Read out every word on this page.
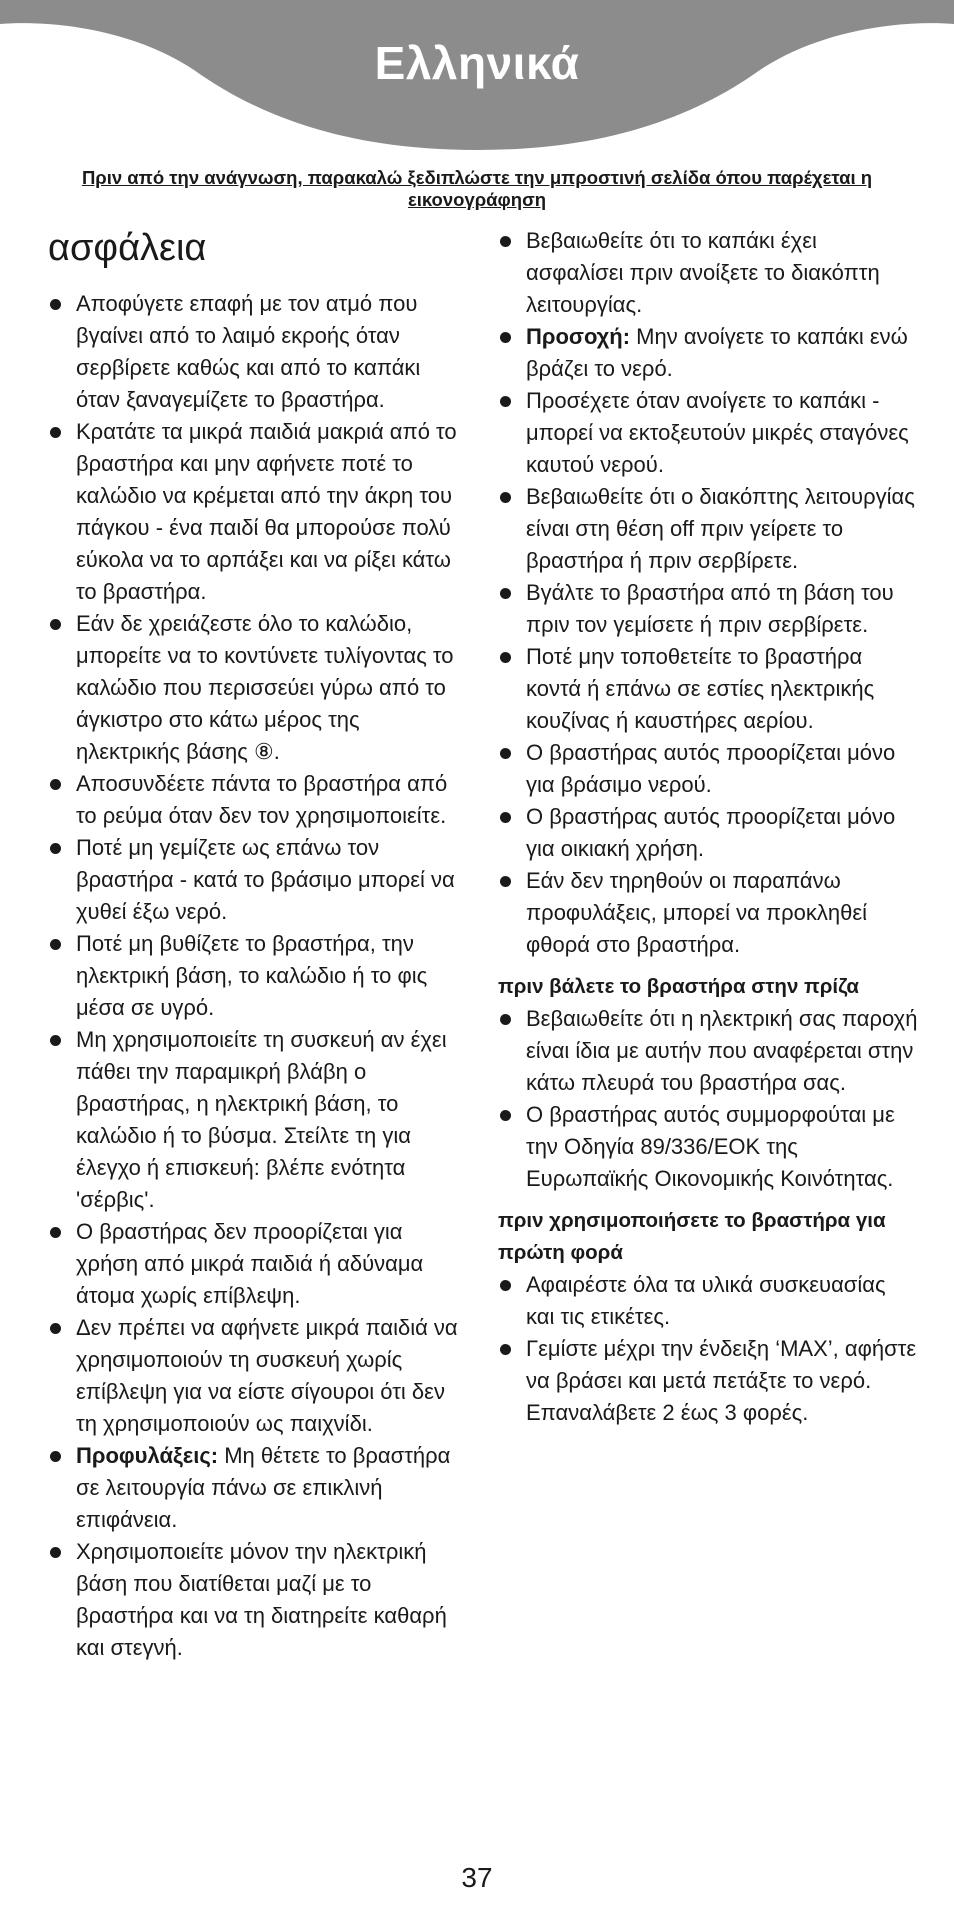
Ελληνικά
Πριν από την ανάγνωση, παρακαλώ ξεδιπλώστε την μπροστινή σελίδα όπου παρέχεται η εικονογράφηση
ασφάλεια
Αποφύγετε επαφή με τον ατμό που βγαίνει από το λαιμό εκροής όταν σερβίρετε καθώς και από το καπάκι όταν ξαναγεμίζετε το βραστήρα.
Κρατάτε τα μικρά παιδιά μακριά από το βραστήρα και μην αφήνετε ποτέ το καλώδιο να κρέμεται από την άκρη του πάγκου - ένα παιδί θα μπορούσε πολύ εύκολα να το αρπάξει και να ρίξει κάτω το βραστήρα.
Εάν δε χρειάζεστε όλο το καλώδιο, μπορείτε να το κοντύνετε τυλίγοντας το καλώδιο που περισσεύει γύρω από το άγκιστρο στο κάτω μέρος της ηλεκτρικής βάσης ⑧.
Αποσυνδέετε πάντα το βραστήρα από το ρεύμα όταν δεν τον χρησιμοποιείτε.
Ποτέ μη γεμίζετε ως επάνω τον βραστήρα - κατά το βράσιμο μπορεί να χυθεί έξω νερό.
Ποτέ μη βυθίζετε το βραστήρα, την ηλεκτρική βάση, το καλώδιο ή το φις μέσα σε υγρό.
Μη χρησιμοποιείτε τη συσκευή αν έχει πάθει την παραμικρή βλάβη ο βραστήρας, η ηλεκτρική βάση, το καλώδιο ή το βύσμα. Στείλτε τη για έλεγχο ή επισκευή: βλέπε ενότητα 'σέρβις'.
Ο βραστήρας δεν προορίζεται για χρήση από μικρά παιδιά ή αδύναμα άτομα χωρίς επίβλεψη.
Δεν πρέπει να αφήνετε μικρά παιδιά να χρησιμοποιούν τη συσκευή χωρίς επίβλεψη για να είστε σίγουροι ότι δεν τη χρησιμοποιούν ως παιχνίδι.
Προφυλάξεις: Μη θέτετε το βραστήρα σε λειτουργία πάνω σε επικλινή επιφάνεια.
Χρησιμοποιείτε μόνον την ηλεκτρική βάση που διατίθεται μαζί με το βραστήρα και να τη διατηρείτε καθαρή και στεγνή.
Βεβαιωθείτε ότι το καπάκι έχει ασφαλίσει πριν ανοίξετε το διακόπτη λειτουργίας.
Προσοχή: Μην ανοίγετε το καπάκι ενώ βράζει το νερό.
Προσέχετε όταν ανοίγετε το καπάκι - μπορεί να εκτοξευτούν μικρές σταγόνες καυτού νερού.
Βεβαιωθείτε ότι ο διακόπτης λειτουργίας είναι στη θέση off πριν γείρετε το βραστήρα ή πριν σερβίρετε.
Βγάλτε το βραστήρα από τη βάση του πριν τον γεμίσετε ή πριν σερβίρετε.
Ποτέ μην τοποθετείτε το βραστήρα κοντά ή επάνω σε εστίες ηλεκτρικής κουζίνας ή καυστήρες αερίου.
Ο βραστήρας αυτός προορίζεται μόνο για βράσιμο νερού.
Ο βραστήρας αυτός προορίζεται μόνο για οικιακή χρήση.
Εάν δεν τηρηθούν οι παραπάνω προφυλάξεις, μπορεί να προκληθεί φθορά στο βραστήρα.
πριν βάλετε το βραστήρα στην πρίζα
Βεβαιωθείτε ότι η ηλεκτρική σας παροχή είναι ίδια με αυτήν που αναφέρεται στην κάτω πλευρά του βραστήρα σας.
Ο βραστήρας αυτός συμμορφούται με την Οδηγία 89/336/ΕΟΚ της Ευρωπαϊκής Οικονομικής Κοινότητας.
πριν χρησιμοποιήσετε το βραστήρα για πρώτη φορά
Αφαιρέστε όλα τα υλικά συσκευασίας και τις ετικέτες.
Γεμίστε μέχρι την ένδειξη ‘MAX’, αφήστε να βράσει και μετά πετάξτε το νερό. Επαναλάβετε 2 έως 3 φορές.
37
